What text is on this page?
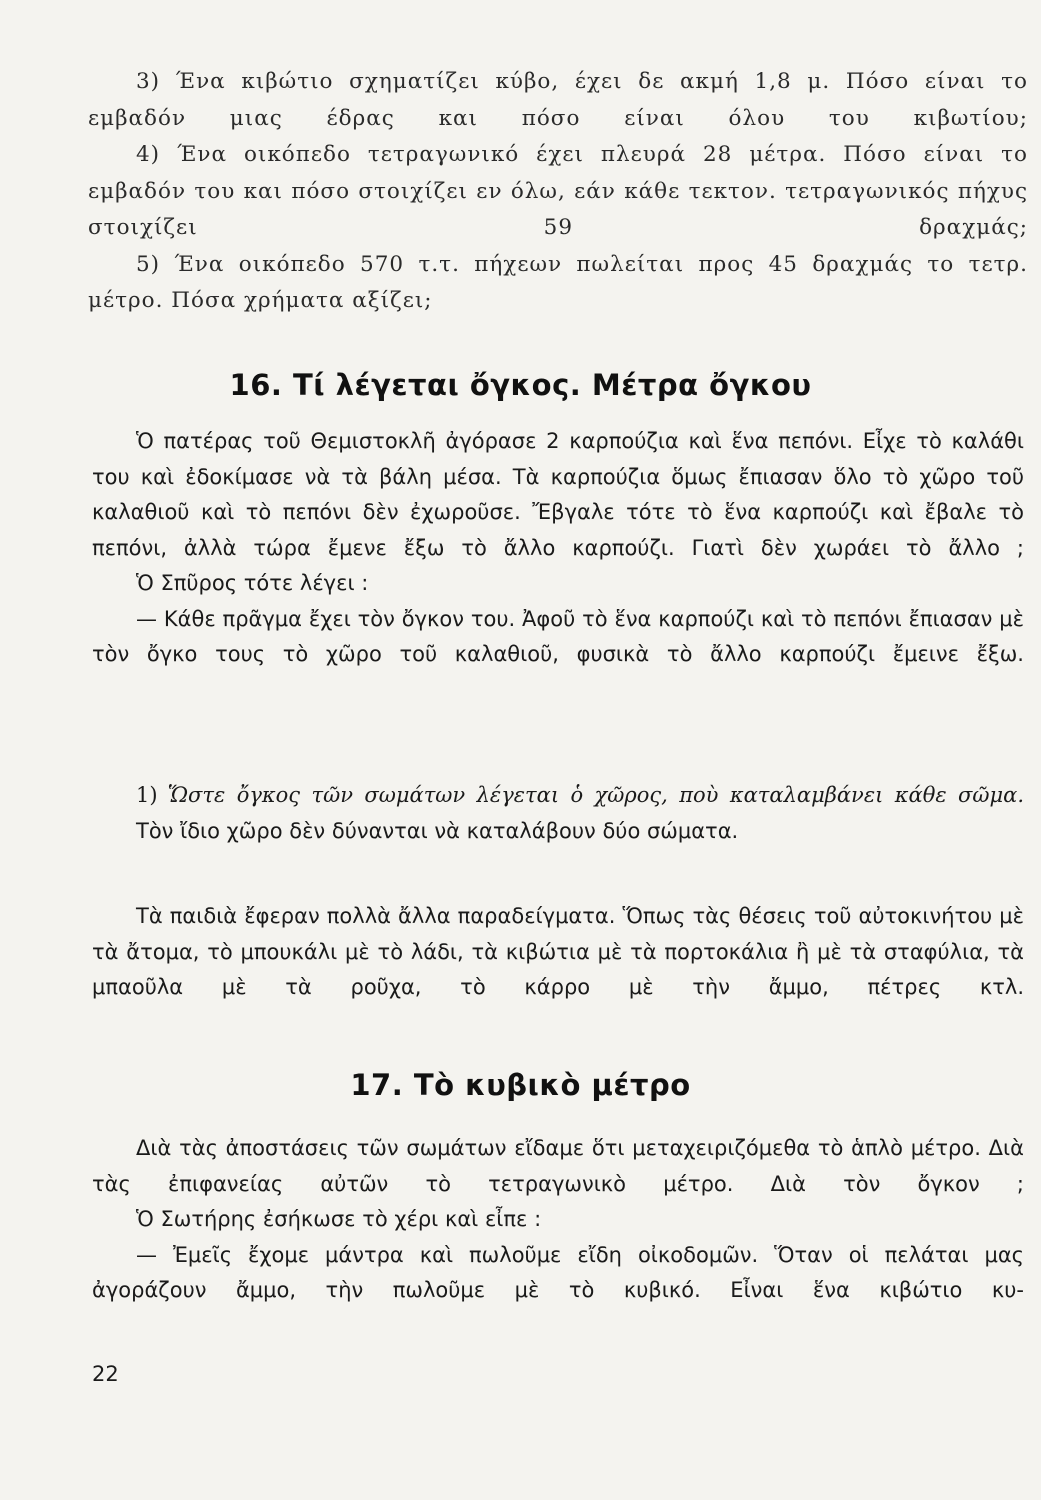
3) Ένα κιβώτιο σχηματίζει κύβο, έχει δε ακμή 1,8 μ. Πόσο είναι το εμβαδόν μιας έδρας και πόσο είναι όλου του κιβωτίου;

4) Ένα οικόπεδο τετραγωνικό έχει πλευρά 28 μέτρα. Πόσο είναι το εμβαδόν του και πόσο στοιχίζει εν όλω, εάν κάθε τεκτον. τετραγωνικός πήχυς στοιχίζει 59 δραχμάς;

5) Ένα οικόπεδο 570 τ.τ. πήχεων πωλείται προς 45 δραχμάς το τετρ. μέτρο. Πόσα χρήματα αξίζει;

16. Τί λέγεται ὄγκος. Μέτρα ὄγκου

Ὁ πατέρας τοῦ Θεμιστοκλῆ ἀγόρασε 2 καρπούζια καὶ ἕνα πεπόνι. Εἶχε τὸ καλάθι του καὶ ἐδοκίμασε νὰ τὰ βάλη μέσα. Τὰ καρπούζια ὅμως ἔπιασαν ὅλο τὸ χῶρο τοῦ καλαθιοῦ καὶ τὸ πεπόνι δὲν ἐχωροῦσε. Ἔβγαλε τότε τὸ ἕνα καρπούζι καὶ ἔβαλε τὸ πεπόνι, ἀλλὰ τώρα ἔμενε ἔξω τὸ ἄλλο καρπούζι. Γιατὶ δὲν χωράει τὸ ἄλλο ;

Ὁ Σπῦρος τότε λέγει :

— Κάθε πρᾶγμα ἔχει τὸν ὄγκον του. Ἀφοῦ τὸ ἕνα καρπούζι καὶ τὸ πεπόνι ἔπιασαν μὲ τὸν ὄγκο τους τὸ χῶρο τοῦ καλαθιοῦ, φυσικὰ τὸ ἄλλο καρπούζι ἔμεινε ἔξω.

1) Ὥστε ὄγκος τῶν σωμάτων λέγεται ὁ χῶρος, ποὺ καταλαμβάνει κάθε σῶμα.

Τὸν ἴδιο χῶρο δὲν δύνανται νὰ καταλάβουν δύο σώματα.

Τὰ παιδιὰ ἔφεραν πολλὰ ἄλλα παραδείγματα. Ὅπως τὰς θέσεις τοῦ αὐτοκινήτου μὲ τὰ ἄτομα, τὸ μπουκάλι μὲ τὸ λάδι, τὰ κιβώτια μὲ τὰ πορτοκάλια ἢ μὲ τὰ σταφύλια, τὰ μπαοῦλα μὲ τὰ ροῦχα, τὸ κάρρο μὲ τὴν ἄμμο, πέτρες κτλ.

17. Τὸ κυβικὸ μέτρο

Διὰ τὰς ἀποστάσεις τῶν σωμάτων εἴδαμε ὅτι μεταχειριζόμεθα τὸ ἁπλὸ μέτρο. Διὰ τὰς ἐπιφανείας αὐτῶν τὸ τετραγωνικὸ μέτρο. Διὰ τὸν ὄγκον ;

Ὁ Σωτήρης ἐσήκωσε τὸ χέρι καὶ εἶπε :

— Ἐμεῖς ἔχομε μάντρα καὶ πωλοῦμε εἴδη οἰκοδομῶν. Ὅταν οἱ πελάται μας ἀγοράζουν ἄμμο, τὴν πωλοῦμε μὲ τὸ κυβικό. Εἶναι ἕνα κιβώτιο κυ-

22
